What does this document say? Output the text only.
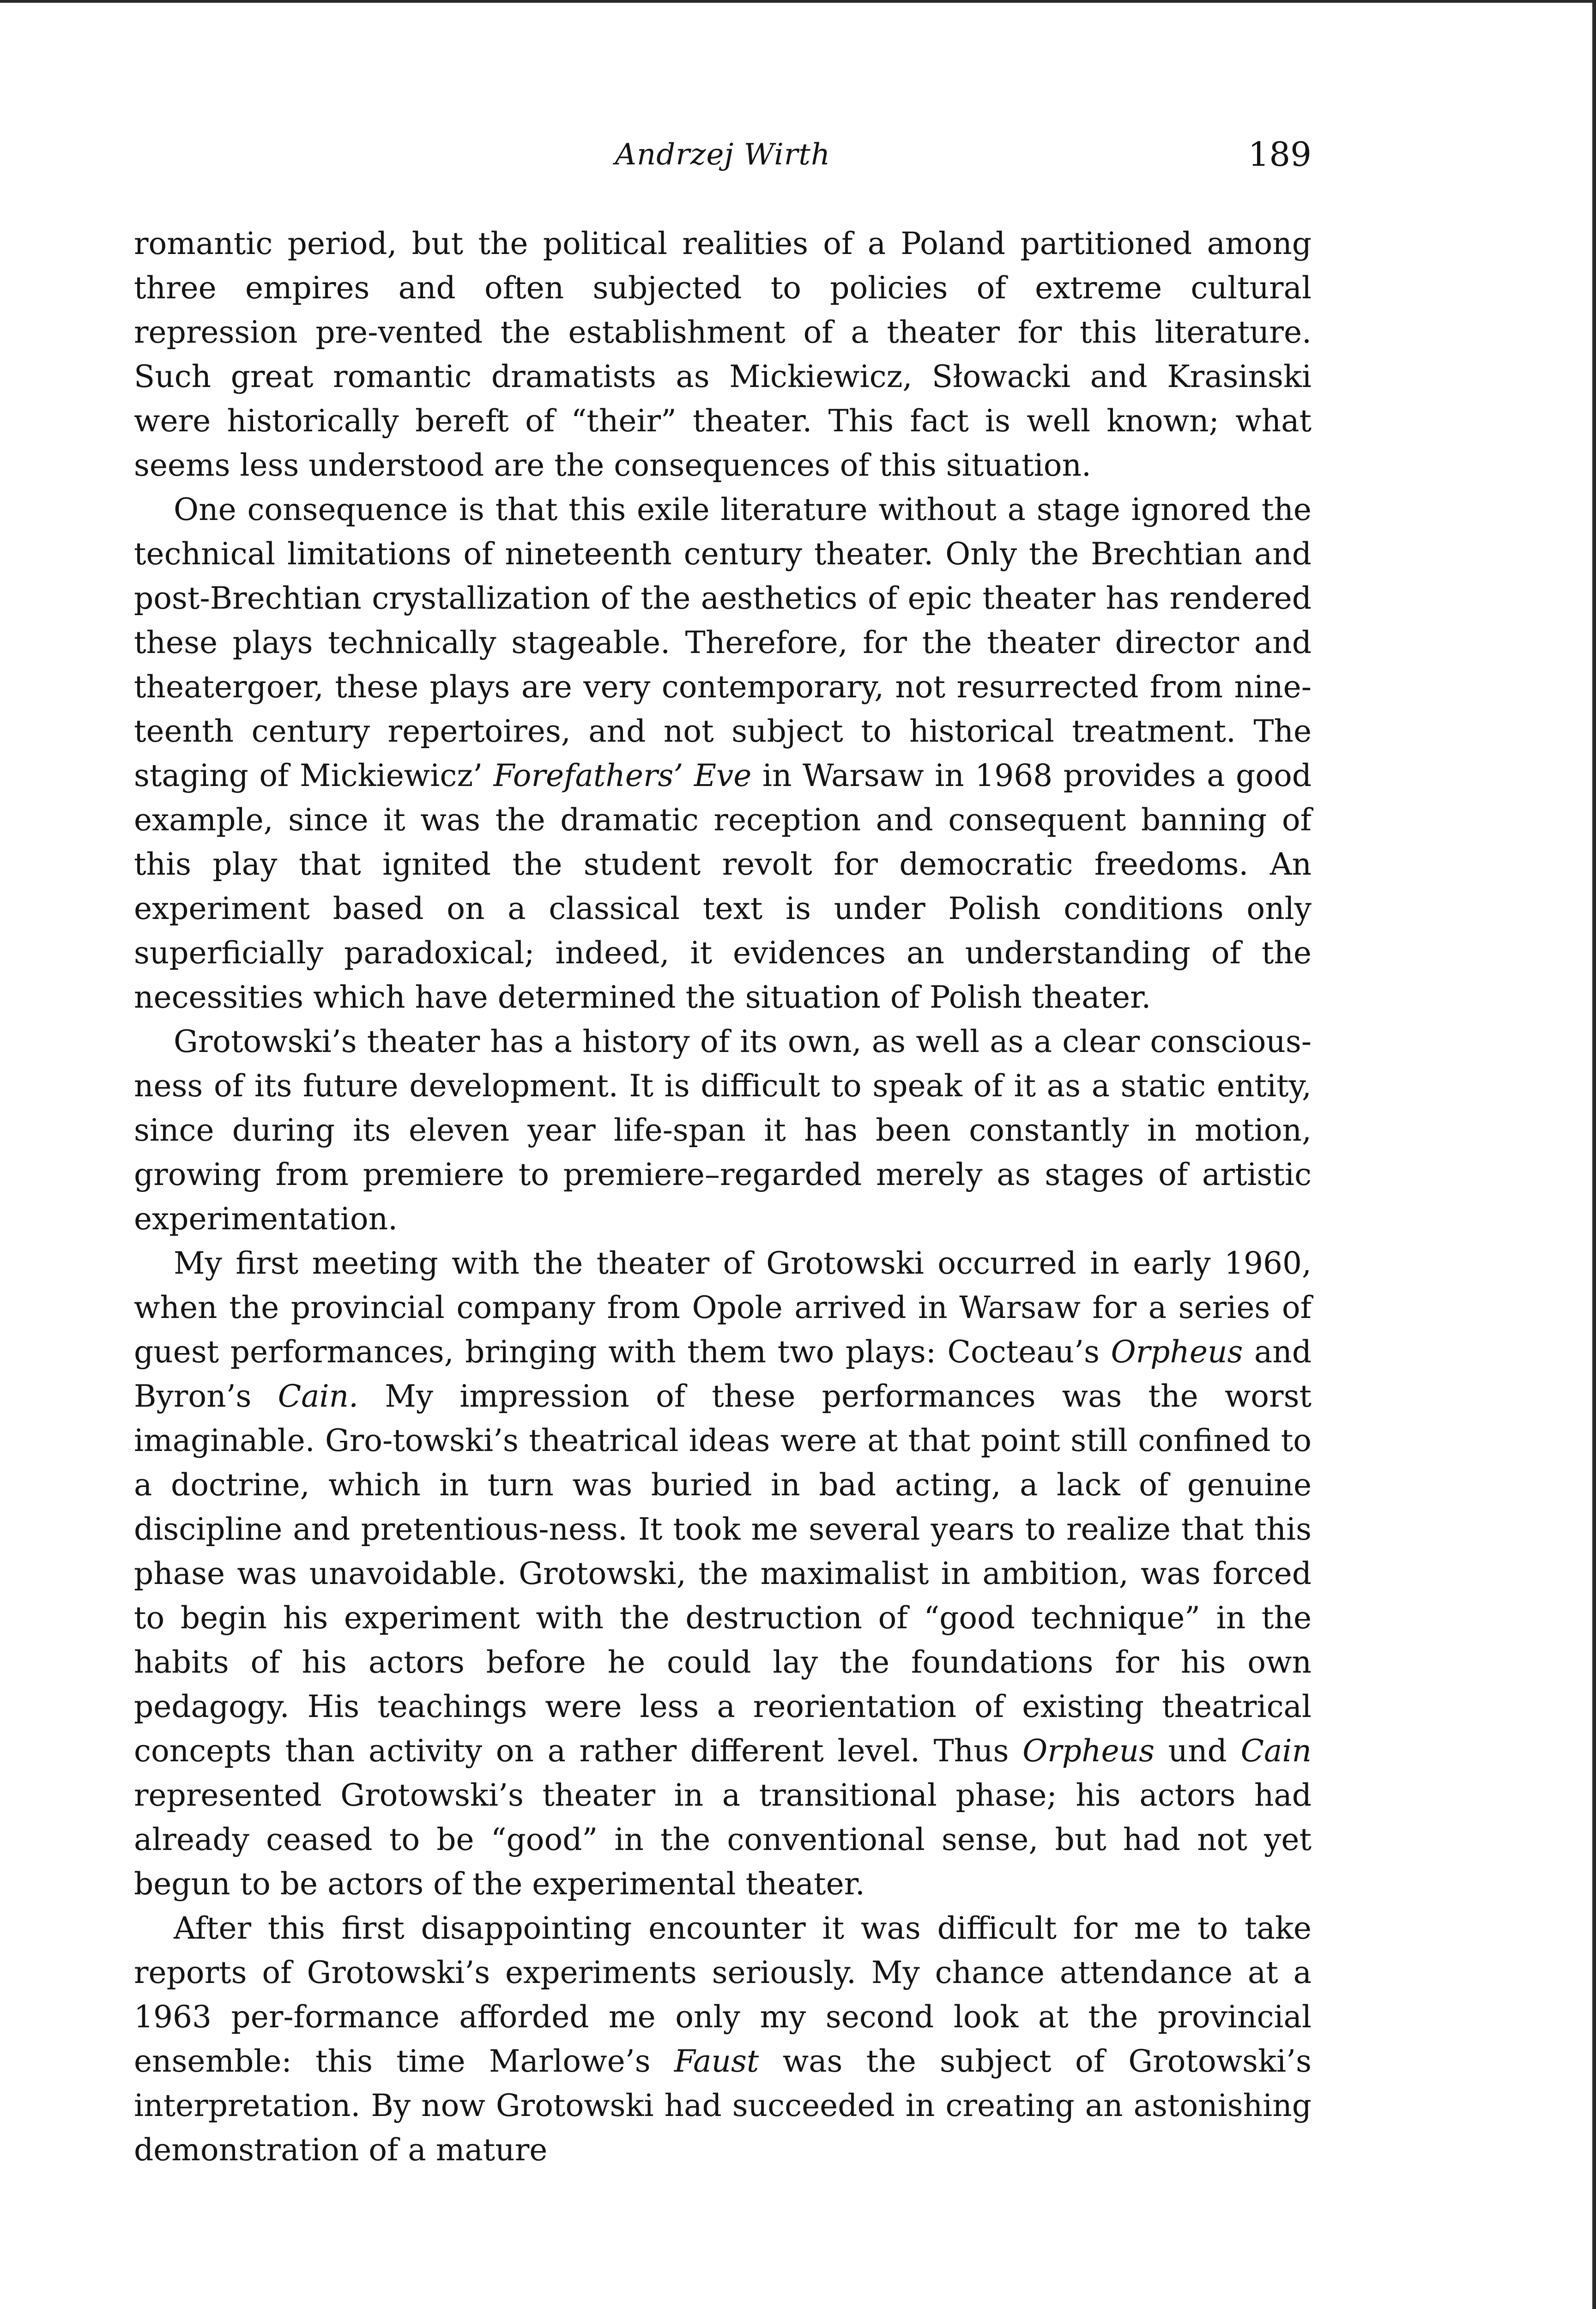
Andrzej Wirth	189

romantic period, but the political realities of a Poland partitioned among three empires and often subjected to policies of extreme cultural repression pre-vented the establishment of a theater for this literature. Such great romantic dramatists as Mickiewicz, Słowacki and Krasinski were historically bereft of “their” theater. This fact is well known; what seems less understood are the consequences of this situation.

One consequence is that this exile literature without a stage ignored the technical limitations of nineteenth century theater. Only the Brechtian and post-Brechtian crystallization of the aesthetics of epic theater has rendered these plays technically stageable. Therefore, for the theater director and theatergoer, these plays are very contemporary, not resurrected from nine-teenth century repertoires, and not subject to historical treatment. The staging of Mickiewicz’ Forefathers’ Eve in Warsaw in 1968 provides a good example, since it was the dramatic reception and consequent banning of this play that ignited the student revolt for democratic freedoms. An experiment based on a classical text is under Polish conditions only superficially paradoxical; indeed, it evidences an understanding of the necessities which have determined the situation of Polish theater.

Grotowski’s theater has a history of its own, as well as a clear conscious-ness of its future development. It is difficult to speak of it as a static entity, since during its eleven year life-span it has been constantly in motion, growing from premiere to premiere–regarded merely as stages of artistic experimentation.

My first meeting with the theater of Grotowski occurred in early 1960, when the provincial company from Opole arrived in Warsaw for a series of guest performances, bringing with them two plays: Cocteau’s Orpheus and Byron’s Cain. My impression of these performances was the worst imaginable. Gro-towski’s theatrical ideas were at that point still confined to a doctrine, which in turn was buried in bad acting, a lack of genuine discipline and pretentious-ness. It took me several years to realize that this phase was unavoidable. Grotowski, the maximalist in ambition, was forced to begin his experiment with the destruction of “good technique” in the habits of his actors before he could lay the foundations for his own pedagogy. His teachings were less a reorientation of existing theatrical concepts than activity on a rather different level. Thus Orpheus und Cain represented Grotowski’s theater in a transitional phase; his actors had already ceased to be “good” in the conventional sense, but had not yet begun to be actors of the experimental theater.

After this first disappointing encounter it was difficult for me to take reports of Grotowski’s experiments seriously. My chance attendance at a 1963 per-formance afforded me only my second look at the provincial ensemble: this time Marlowe’s Faust was the subject of Grotowski’s interpretation. By now Grotowski had succeeded in creating an astonishing demonstration of a mature
